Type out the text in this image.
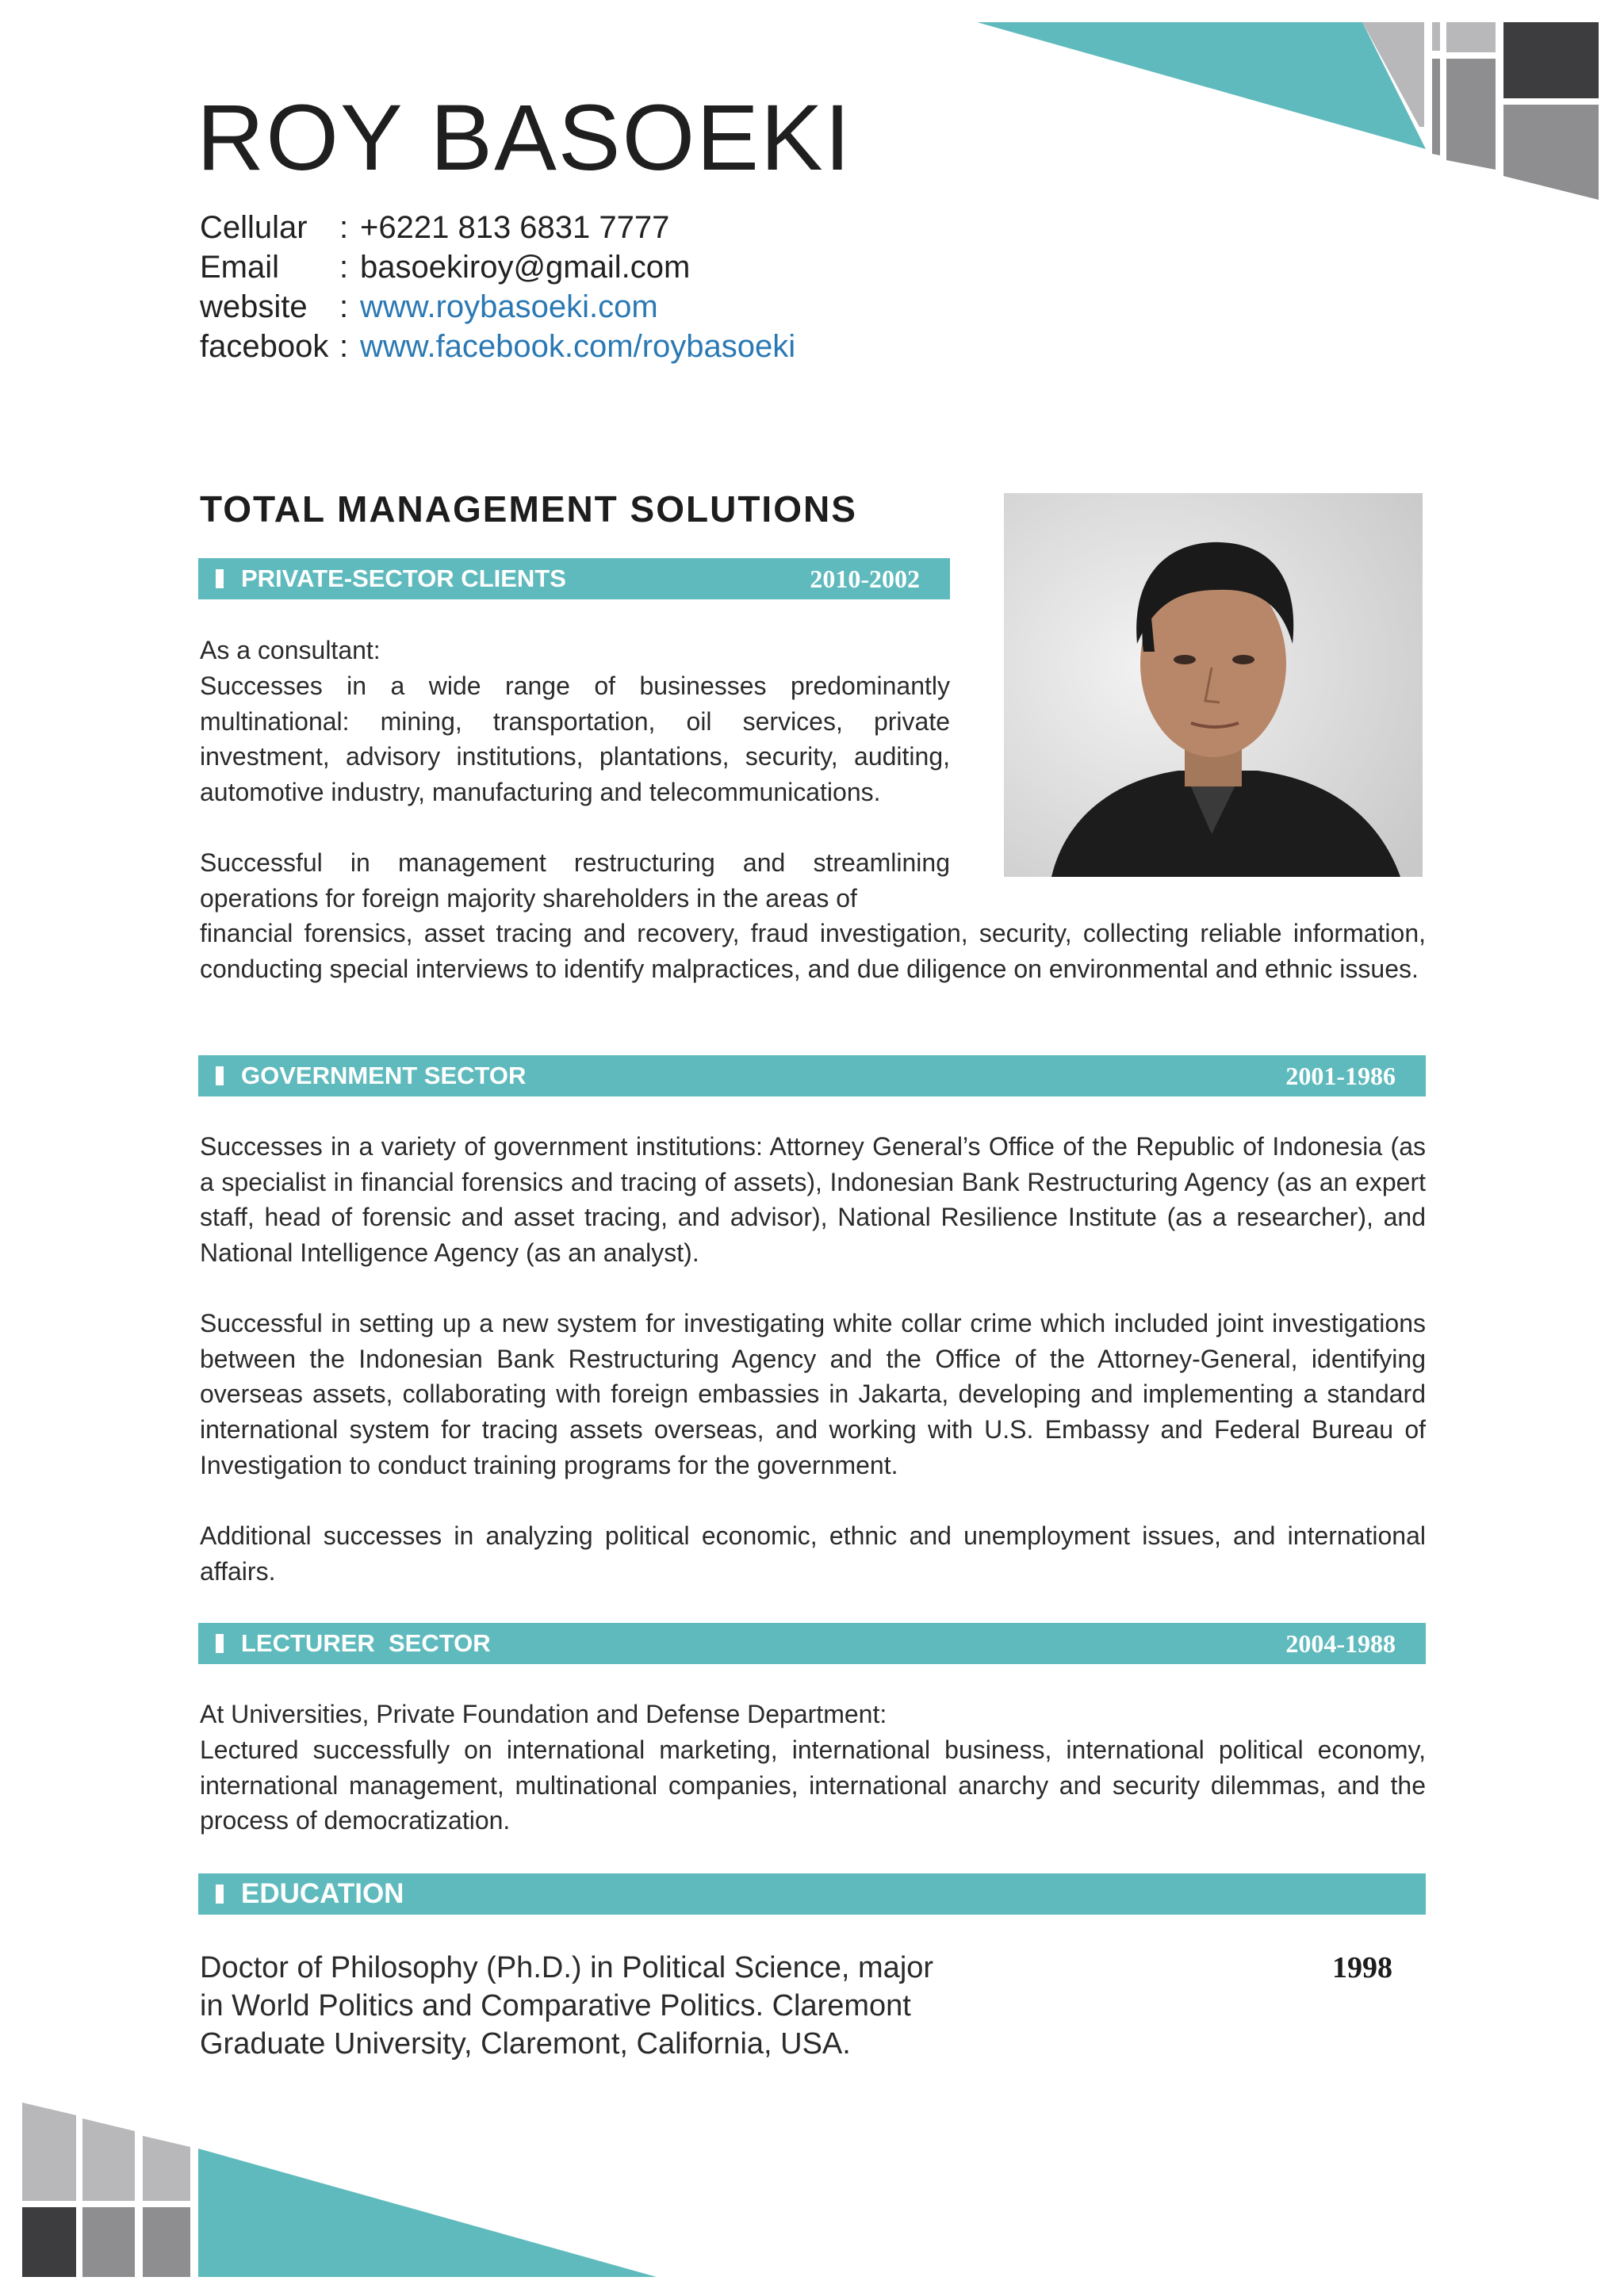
ROY BASOEKI
Cellular	: +6221 813 6831 7777
Email	: basoekiroy@gmail.com
website	: www.roybasoeki.com
facebook : www.facebook.com/roybasoeki
TOTAL MANAGEMENT SOLUTIONS
PRIVATE-SECTOR CLIENTS	2010-2002

As a consultant:

Successes in a wide range of businesses predominantly multinational: mining, transportation, oil services, private investment, advisory institutions, plantations, security, auditing, automotive industry, manufacturing and telecommunications.

Successful in management restructuring and streamlining operations for foreign majority shareholders in the areas of

financial forensics, asset tracing and recovery, fraud investigation, security, collecting reliable information, conducting special interviews to identify malpractices, and due diligence on environmental and ethnic issues.

GOVERNMENT SECTOR	2001-1986

Successes in a variety of government institutions: Attorney General’s Office of the Republic of Indonesia (as a specialist in financial forensics and tracing of assets), Indonesian Bank Restructuring Agency (as an expert staff, head of forensic and asset tracing, and advisor), National Resilience Institute (as a researcher), and National Intelligence Agency (as an analyst).

Successful in setting up a new system for investigating white collar crime which included joint investigations between the Indonesian Bank Restructuring Agency and the Office of the Attorney-General, identifying overseas assets, collaborating with foreign embassies in Jakarta, developing and implementing a standard international system for tracing assets overseas, and working with U.S. Embassy and Federal Bureau of Investigation to conduct training programs for the government.

Additional successes in analyzing political economic, ethnic and unemployment issues, and international affairs.

LECTURER  SECTOR	2004-1988

At Universities, Private Foundation and Defense Department:

Lectured successfully on international marketing, international business, international political economy, international management, multinational companies, international anarchy and security dilemmas, and the process of democratization.

EDUCATION

Doctor of Philosophy (Ph.D.) in Political Science, major in World Politics and Comparative Politics. Claremont Graduate University, Claremont, California, USA.

1998
